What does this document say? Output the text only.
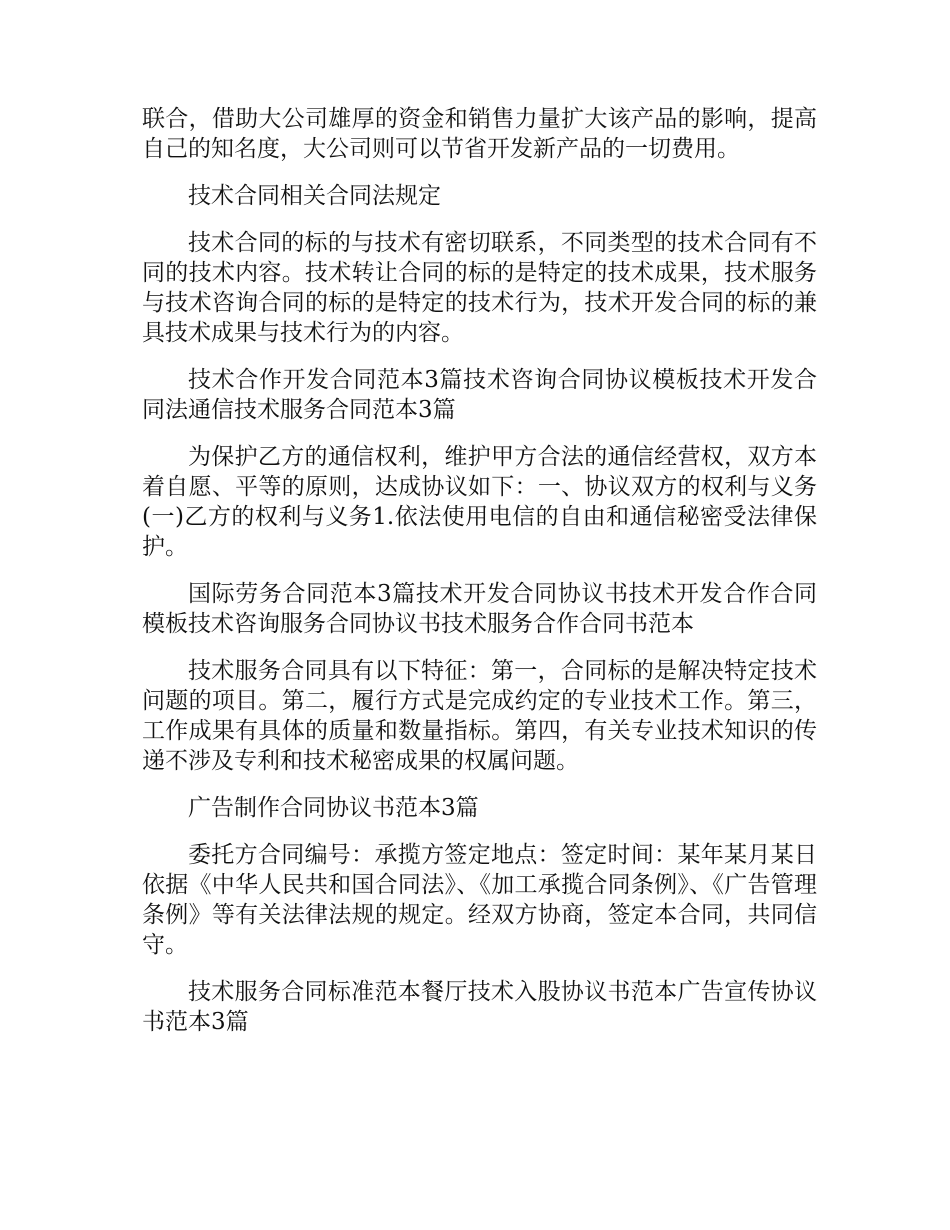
联合，借助大公司雄厚的资金和销售力量扩大该产品的影响，提高自己的知名度，大公司则可以节省开发新产品的一切费用。

技术合同相关合同法规定

技术合同的标的与技术有密切联系，不同类型的技术合同有不同的技术内容。技术转让合同的标的是特定的技术成果，技术服务与技术咨询合同的标的是特定的技术行为，技术开发合同的标的兼具技术成果与技术行为的内容。

技术合作开发合同范本3篇技术咨询合同协议模板技术开发合同法通信技术服务合同范本3篇

为保护乙方的通信权利，维护甲方合法的通信经营权，双方本着自愿、平等的原则，达成协议如下：一、协议双方的权利与义务(一)乙方的权利与义务1.依法使用电信的自由和通信秘密受法律保护。

国际劳务合同范本3篇技术开发合同协议书技术开发合作合同模板技术咨询服务合同协议书技术服务合作合同书范本

技术服务合同具有以下特征：第一，合同标的是解决特定技术问题的项目。第二，履行方式是完成约定的专业技术工作。第三，工作成果有具体的质量和数量指标。第四，有关专业技术知识的传递不涉及专利和技术秘密成果的权属问题。

广告制作合同协议书范本3篇

委托方合同编号：承揽方签定地点：签定时间：某年某月某日依据《中华人民共和国合同法》、《加工承揽合同条例》、《广告管理条例》等有关法律法规的规定。经双方协商，签定本合同，共同信守。

技术服务合同标准范本餐厅技术入股协议书范本广告宣传协议书范本3篇
